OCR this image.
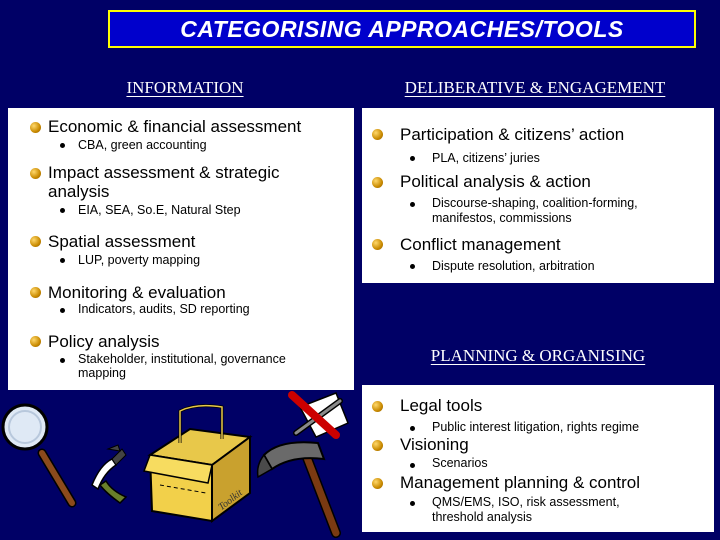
CATEGORISING APPROACHES/TOOLS
INFORMATION	DELIBERATIVE & ENGAGEMENT
Economic & financial assessment
CBA, green accounting
Impact assessment & strategic
analysis
EIA, SEA, So.E, Natural Step
Spatial assessment
LUP, poverty mapping
Monitoring & evaluation
Indicators, audits, SD reporting
Policy analysis
Stakeholder, institutional, governance
mapping
Participation & citizens’ action
PLA, citizens’ juries
Political analysis & action
Discourse-shaping, coalition-forming,
manifestos, commissions
Conflict management
Dispute resolution, arbitration
PLANNING & ORGANISING
Legal tools
Public interest litigation, rights regime
Visioning
Scenarios
Management planning & control
QMS/EMS, ISO, risk assessment,
threshold analysis
Toolkit
